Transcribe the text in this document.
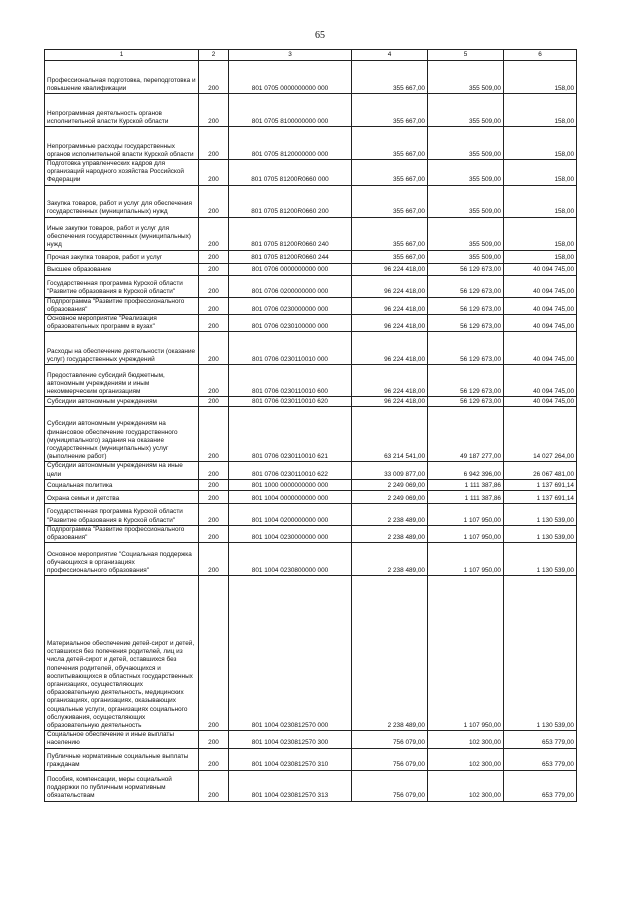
65
1	2	3	4	5	6
Профессиональная подготовка, переподготовка и повышение квалификации	200	801 0705 0000000000 000	355 667,00	355 509,00	158,00
Непрограммная деятельность органов исполнительной власти Курской области	200	801 0705 8100000000 000	355 667,00	355 509,00	158,00
Непрограммные расходы государственных органов исполнительной власти Курской области	200	801 0705 8120000000 000	355 667,00	355 509,00	158,00
Подготовка управленческих кадров для организаций народного хозяйства Российской Федерации	200	801 0705 81200R0660 000	355 667,00	355 509,00	158,00
Закупка товаров, работ и услуг для обеспечения государственных (муниципальных) нужд	200	801 0705 81200R0660 200	355 667,00	355 509,00	158,00
Иные закупки товаров, работ и услуг для обеспечения государственных (муниципальных) нужд	200	801 0705 81200R0660 240	355 667,00	355 509,00	158,00
Прочая закупка товаров, работ и услуг	200	801 0705 81200R0660 244	355 667,00	355 509,00	158,00
Высшее образование	200	801 0706 0000000000 000	96 224 418,00	56 129 673,00	40 094 745,00
Государственная программа Курской области "Развитие образования в Курской области"	200	801 0706 0200000000 000	96 224 418,00	56 129 673,00	40 094 745,00
Подпрограмма "Развитие профессионального образования"	200	801 0706 0230000000 000	96 224 418,00	56 129 673,00	40 094 745,00
Основное мероприятие "Реализация образовательных программ в вузах"	200	801 0706 0230100000 000	96 224 418,00	56 129 673,00	40 094 745,00
Расходы на обеспечение деятельности (оказание услуг) государственных учреждений	200	801 0706 0230110010 000	96 224 418,00	56 129 673,00	40 094 745,00
Предоставление субсидий бюджетным, автономным учреждениям и иным некоммерческим организациям	200	801 0706 0230110010 600	96 224 418,00	56 129 673,00	40 094 745,00
Субсидии автономным учреждениям	200	801 0706 0230110010 620	96 224 418,00	56 129 673,00	40 094 745,00
Субсидии автономным учреждениям на финансовое обеспечение государственного (муниципального) задания на оказание государственных (муниципальных) услуг (выполнение работ)	200	801 0706 0230110010 621	63 214 541,00	49 187 277,00	14 027 264,00
Субсидии автономным учреждениям на иные цели	200	801 0706 0230110010 622	33 009 877,00	6 942 396,00	26 067 481,00
Социальная политика	200	801 1000 0000000000 000	2 249 069,00	1 111 387,86	1 137 691,14
Охрана семьи и детства	200	801 1004 0000000000 000	2 249 069,00	1 111 387,86	1 137 691,14
Государственная программа Курской области "Развитие образования в Курской области"	200	801 1004 0200000000 000	2 238 489,00	1 107 950,00	1 130 539,00
Подпрограмма "Развитие профессионального образования"	200	801 1004 0230000000 000	2 238 489,00	1 107 950,00	1 130 539,00
Основное мероприятие "Социальная поддержка обучающихся в организациях профессионального образования"	200	801 1004 0230800000 000	2 238 489,00	1 107 950,00	1 130 539,00
Материальное обеспечение детей-сирот и детей, оставшихся без попечения родителей, лиц из числа детей-сирот и детей, оставшихся без попечения родителей, обучающихся и воспитывающихся в областных государственных организациях, осуществляющих образовательную деятельность, медицинских организациях, организациях, оказывающих социальные услуги, организациях социального обслуживания, осуществляющих образовательную деятельность	200	801 1004 0230812570 000	2 238 489,00	1 107 950,00	1 130 539,00
Социальное обеспечение и иные выплаты населению	200	801 1004 0230812570 300	756 079,00	102 300,00	653 779,00
Публичные нормативные социальные выплаты гражданам	200	801 1004 0230812570 310	756 079,00	102 300,00	653 779,00
Пособия, компенсации, меры социальной поддержки по публичным нормативным обязательствам	200	801 1004 0230812570 313	756 079,00	102 300,00	653 779,00
